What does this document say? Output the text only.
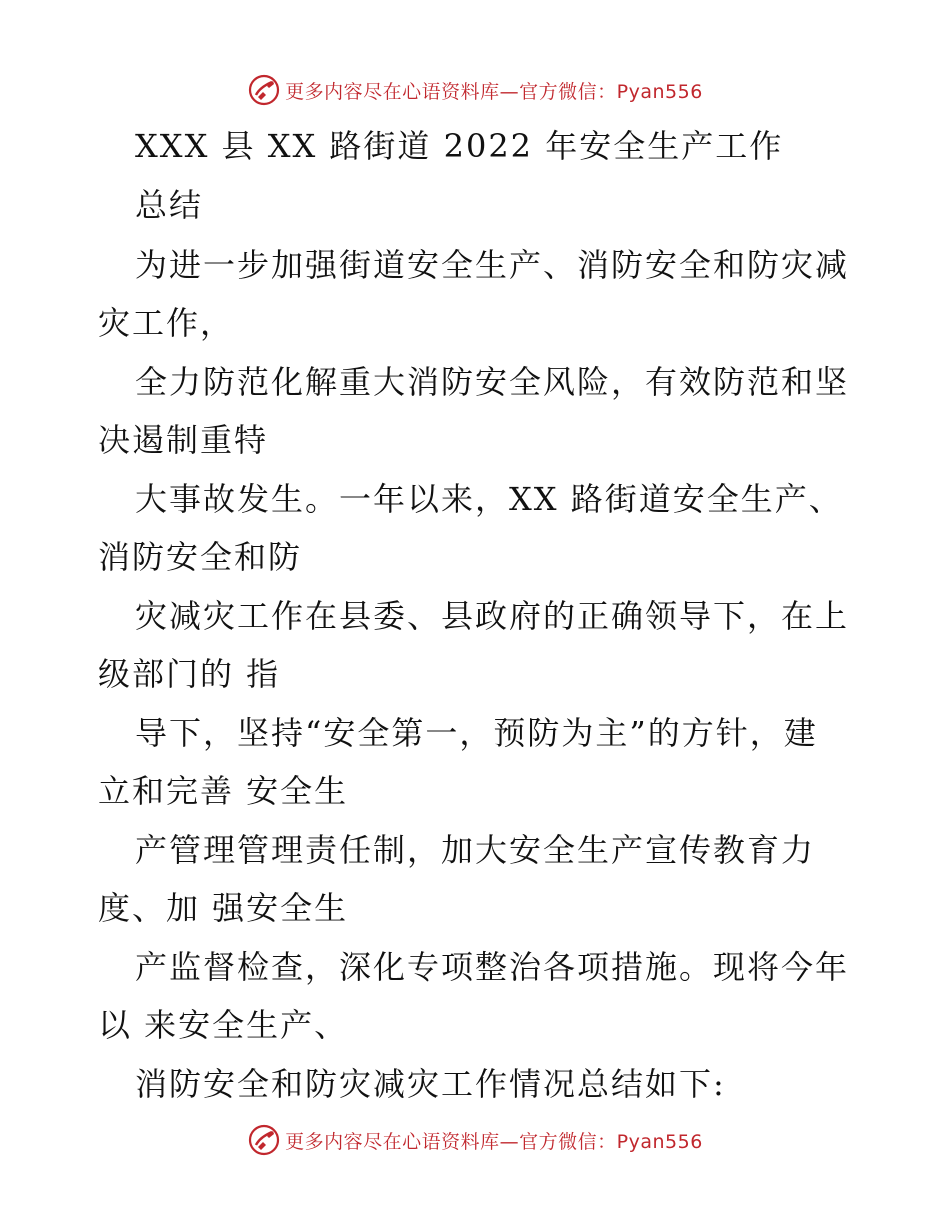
更多内容尽在心语资料库—官方微信：Pyan556
XXX 县 XX 路街道 2022 年安全生产工作
总结
为进一步加强街道安全生产、消防安全和防灾减
灾工作，
全力防范化解重大消防安全风险，有效防范和坚
决遏制重特
大事故发生。一年以来，XX 路街道安全生产、
消防安全和防
灾减灾工作在县委、县政府的正确领导下，在上
级部门的 指
导下，坚持“安全第一，预防为主”的方针，建
立和完善 安全生
产管理管理责任制，加大安全生产宣传教育力
度、加 强安全生
产监督检查，深化专项整治各项措施。现将今年
以 来安全生产、
消防安全和防灾减灾工作情况总结如下:
更多内容尽在心语资料库—官方微信：Pyan556
